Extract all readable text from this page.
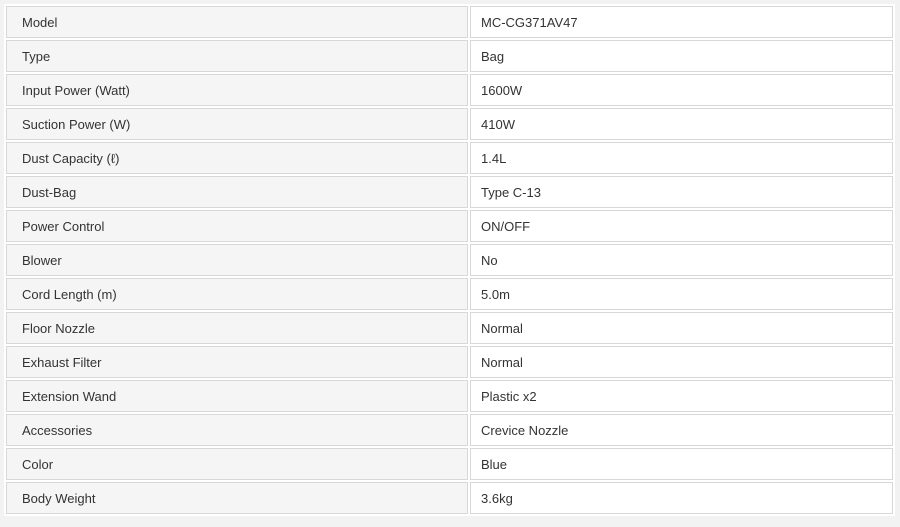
Model	MC-CG371AV47
Type	Bag
Input Power (Watt)	1600W
Suction Power (W)	410W
Dust Capacity (ℓ)	1.4L
Dust-Bag	Type C-13
Power Control	ON/OFF
Blower	No
Cord Length (m)	5.0m
Floor Nozzle	Normal
Exhaust Filter	Normal
Extension Wand	Plastic x2
Accessories	Crevice Nozzle
Color	Blue
Body Weight	3.6kg
